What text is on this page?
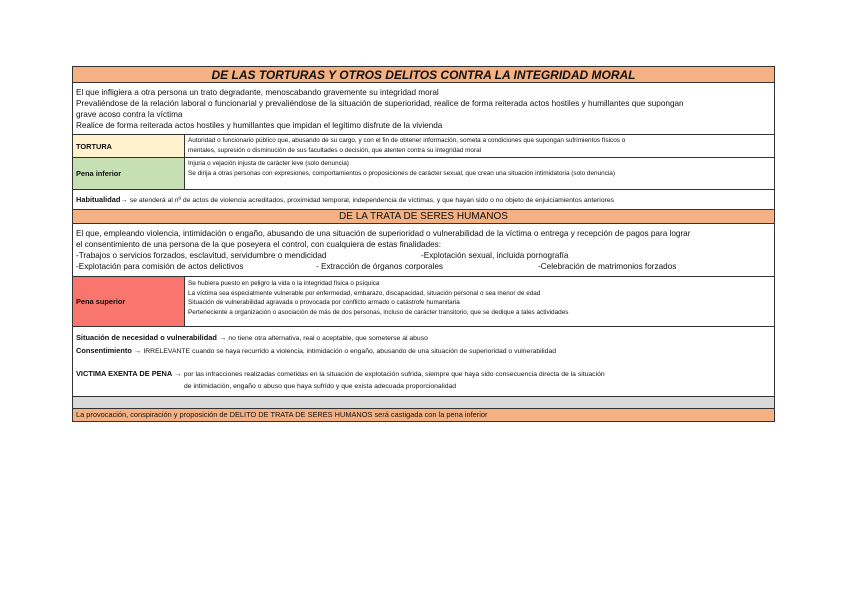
DE LAS TORTURAS Y OTROS DELITOS CONTRA LA INTEGRIDAD MORAL
El que infligiera a otra persona un trato degradante, menoscabando gravemente su integridad moral
Prevaliéndose de la relación laboral o funcionarial y prevaliéndose de la situación de superioridad, realice de forma reiterada actos hostiles y humillantes que supongan
grave acoso contra la víctima
Realice de forma reiterada actos hostiles y humillantes que impidan el legítimo disfrute de la vivienda
TORTURA
Autoridad o funcionario público que, abusando de su cargo, y con el fin de obtener información, someta a condiciones que supongan sufrimientos físicos o
mentales, supresión o disminución de sus facultades o decisión, que atenten contra su integridad moral
Pena inferior
Injuria o vejación injusta de carácter leve (solo denuncia)
Se dirija a otras personas con expresiones, comportamientos o proposiciones de carácter sexual, que crean una situación intimidatoria (solo denuncia)
Habitualidad→ se atenderá al nº de actos de violencia acreditados, proximidad temporal, independencia de víctimas, y que hayan sido o no objeto de enjuiciamientos anteriores
DE LA TRATA DE SERES HUMANOS
El que, empleando violencia, intimidación o engaño, abusando de una situación de superioridad o vulnerabilidad de la víctima o entrega y recepción de pagos para lograr
el consentimiento de una persona de la que poseyera el control, con cualquiera de estas finalidades:
-Trabajos o servicios forzados, esclavitud, servidumbre o mendicidad	-Explotación sexual, incluida pornografía
-Explotación para comisión de actos delictivos	- Extracción de órganos corporales	-Celebración de matrimonios forzados
Pena superior
Se hubiera puesto en peligro la vida o la integridad física o psíquica
La víctima sea especialmente vulnerable por enfermedad, embarazo, discapacidad, situación personal o sea menor de edad
Situación de vulnerabilidad agravada o provocada por conflicto armado o catástrofe humanitaria
Perteneciente a organización o asociación de más de dos personas, incluso de carácter transitorio, que se dedique a tales actividades
Situación de necesidad o vulnerabilidad → no tiene otra alternativa, real o aceptable, que someterse al abuso
Consentimiento → IRRELEVANTE cuando se haya recurrido a violencia, intimidación o engaño, abusando de una situación de superioridad o vulnerabilidad
VICTIMA EXENTA DE PENA → por las infracciones realizadas cometidas en la situación de explotación sufrida, siempre que haya sido consecuencia directa de la situación
de intimidación, engaño o abuso que haya sufrido y que exista adecuada proporcionalidad
La provocación, conspiración y proposición de DELITO DE TRATA DE SERES HUMANOS será castigada con la pena inferior
